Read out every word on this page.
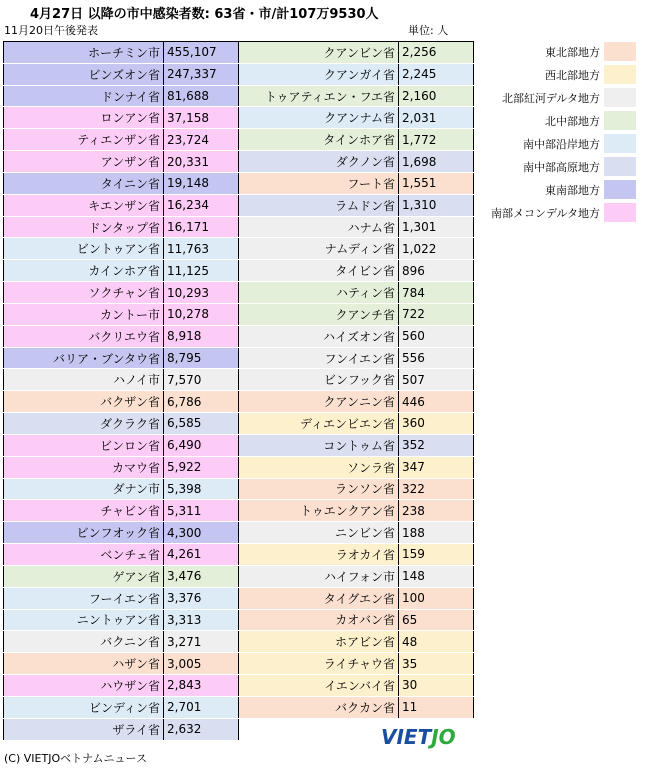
4月27日 以降の市中感染者数: 63省・市/計107万9530人
11月20日午後発表	単位: 人
ホーチミン市	455,107
ビンズオン省	247,337
ドンナイ省	81,688
ロンアン省	37,158
ティエンザン省	23,724
アンザン省	20,331
タイニン省	19,148
キエンザン省	16,234
ドンタップ省	16,171
ビントゥアン省	11,763
カインホア省	11,125
ソクチャン省	10,293
カントー市	10,278
バクリエウ省	8,918
バリア・ブンタウ省	8,795
ハノイ市	7,570
バクザン省	6,786
ダクラク省	6,585
ビンロン省	6,490
カマウ省	5,922
ダナン市	5,398
チャビン省	5,311
ビンフオック省	4,300
ベンチェ省	4,261
ゲアン省	3,476
フーイエン省	3,376
ニントゥアン省	3,313
バクニン省	3,271
ハザン省	3,005
ハウザン省	2,843
ビンディン省	2,701
ザライ省	2,632
クアンビン省	2,256
クアンガイ省	2,245
トゥアティエン・フエ省	2,160
クアンナム省	2,031
タインホア省	1,772
ダクノン省	1,698
フート省	1,551
ラムドン省	1,310
ハナム省	1,301
ナムディン省	1,022
タイビン省	896
ハティン省	784
クアンチ省	722
ハイズオン省	560
フンイエン省	556
ビンフック省	507
クアンニン省	446
ディエンビエン省	360
コントゥム省	352
ソンラ省	347
ランソン省	322
トゥエンクアン省	238
ニンビン省	188
ラオカイ省	159
ハイフォン市	148
タイグエン省	100
カオバン省	65
ホアビン省	48
ライチャウ省	35
イエンバイ省	30
バクカン省	11
東北部地方
西北部地方
北部紅河デルタ地方
北中部地方
南中部沿岸地方
南中部高原地方
東南部地方
南部メコンデルタ地方
VIETJO
(C) VIETJOベトナムニュース
